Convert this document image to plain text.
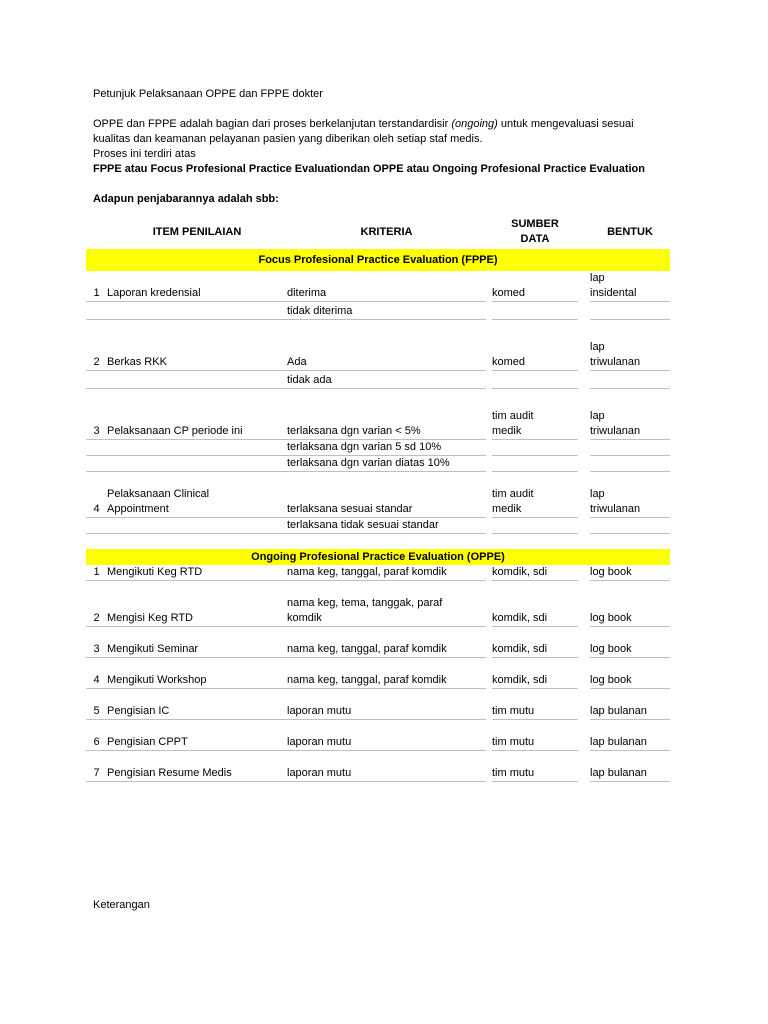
Petunjuk Pelaksanaan OPPE dan FPPE dokter
OPPE dan FPPE adalah bagian dari proses berkelanjutan terstandardisir (ongoing) untuk mengevaluasi sesuai
kualitas dan keamanan pelayanan pasien yang diberikan oleh setiap staf medis.
Proses ini terdiri atas
FPPE atau Focus Profesional Practice Evaluationdan OPPE atau Ongoing Profesional Practice Evaluation
Adapun penjabarannya adalah sbb:
	ITEM PENILAIAN	KRITERIA		SUMBER
DATA		BENTUK
Focus Profesional Practice Evaluation (FPPE)						
1	Laporan kredensial	diterima		komed		lap
insidental
		tidak diterima				

2	Berkas RKK	Ada		komed		lap
triwulanan
		tidak ada				

3	Pelaksanaan CP periode ini	terlaksana dgn varian < 5%		tim audit
medik		lap
triwulanan
		terlaksana dgn varian 5 sd 10%				
		terlaksana dgn varian diatas 10%				

4	Pelaksanaan Clinical
Appointment	terlaksana sesuai standar		tim audit
medik		lap
triwulanan
		terlaksana tidak sesuai standar				

Ongoing Profesional Practice Evaluation (OPPE)						
1	Mengikuti Keg RTD	nama keg, tanggal, paraf komdik		komdik, sdi		log book

2	Mengisi Keg RTD	nama keg, tema, tanggak, paraf
komdik		komdik, sdi		log book

3	Mengikuti Seminar	nama keg, tanggal, paraf komdik		komdik, sdi		log book

4	Mengikuti Workshop	nama keg, tanggal, paraf komdik		komdik, sdi		log book

5	Pengisian IC	laporan mutu		tim mutu		lap bulanan

6	Pengisian CPPT	laporan mutu		tim mutu		lap bulanan

7	Pengisian Resume Medis	laporan mutu		tim mutu		lap bulanan
Keterangan
